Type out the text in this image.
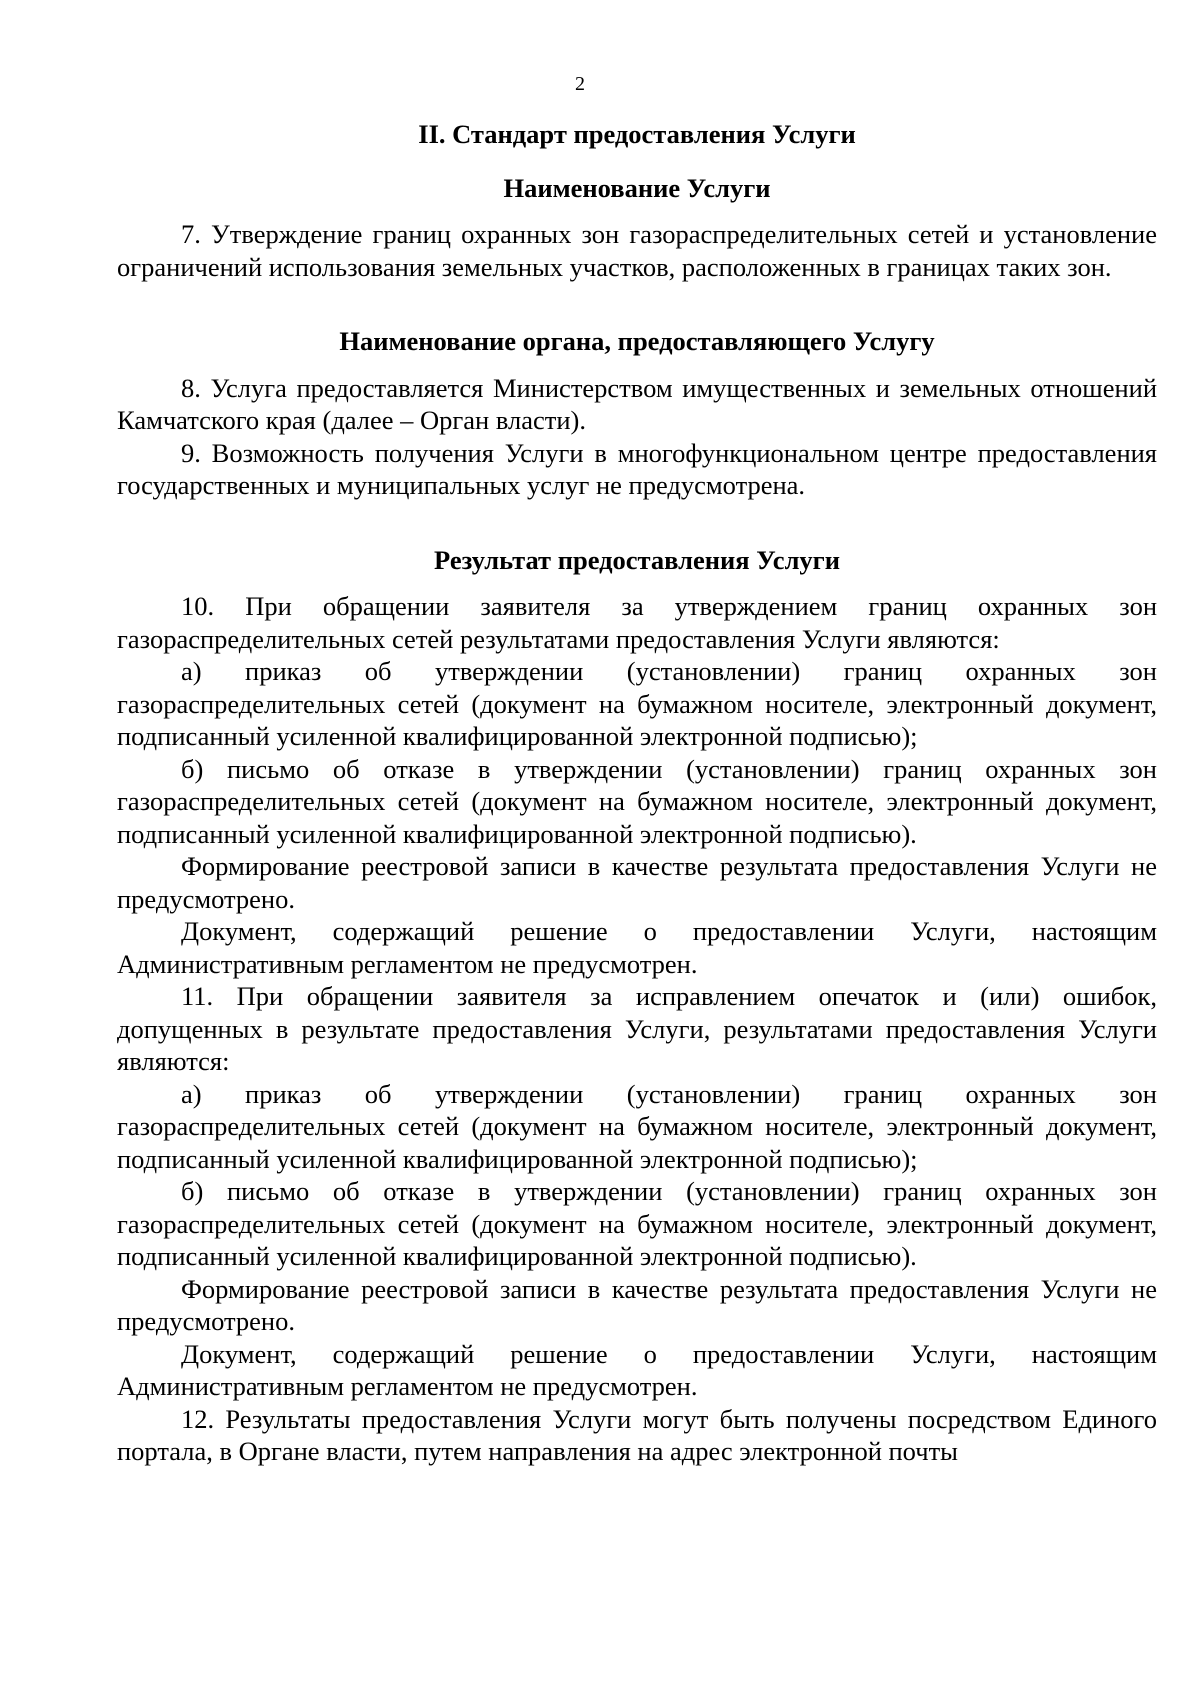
2
II. Стандарт предоставления Услуги
Наименование Услуги

7. Утверждение границ охранных зон газораспределительных сетей и установление ограничений использования земельных участков, расположенных в границах таких зон.

Наименование органа, предоставляющего Услугу

8. Услуга предоставляется Министерством имущественных и земельных отношений Камчатского края (далее – Орган власти).

9. Возможность получения Услуги в многофункциональном центре предоставления государственных и муниципальных услуг не предусмотрена.

Результат предоставления Услуги

10. При обращении заявителя за утверждением границ охранных зон газораспределительных сетей результатами предоставления Услуги являются:

а) приказ об утверждении (установлении) границ охранных зон газораспределительных сетей (документ на бумажном носителе, электронный документ, подписанный усиленной квалифицированной электронной подписью);

б) письмо об отказе в утверждении (установлении) границ охранных зон газораспределительных сетей (документ на бумажном носителе, электронный документ, подписанный усиленной квалифицированной электронной подписью).

Формирование реестровой записи в качестве результата предоставления Услуги не предусмотрено.

Документ, содержащий решение о предоставлении Услуги, настоящим Административным регламентом не предусмотрен.

11. При обращении заявителя за исправлением опечаток и (или) ошибок, допущенных в результате предоставления Услуги, результатами предоставления Услуги являются:

а) приказ об утверждении (установлении) границ охранных зон газораспределительных сетей (документ на бумажном носителе, электронный документ, подписанный усиленной квалифицированной электронной подписью);

б) письмо об отказе в утверждении (установлении) границ охранных зон газораспределительных сетей (документ на бумажном носителе, электронный документ, подписанный усиленной квалифицированной электронной подписью).

Формирование реестровой записи в качестве результата предоставления Услуги не предусмотрено.

Документ, содержащий решение о предоставлении Услуги, настоящим Административным регламентом не предусмотрен.

12. Результаты предоставления Услуги могут быть получены посредством Единого портала, в Органе власти, путем направления на адрес электронной почты
